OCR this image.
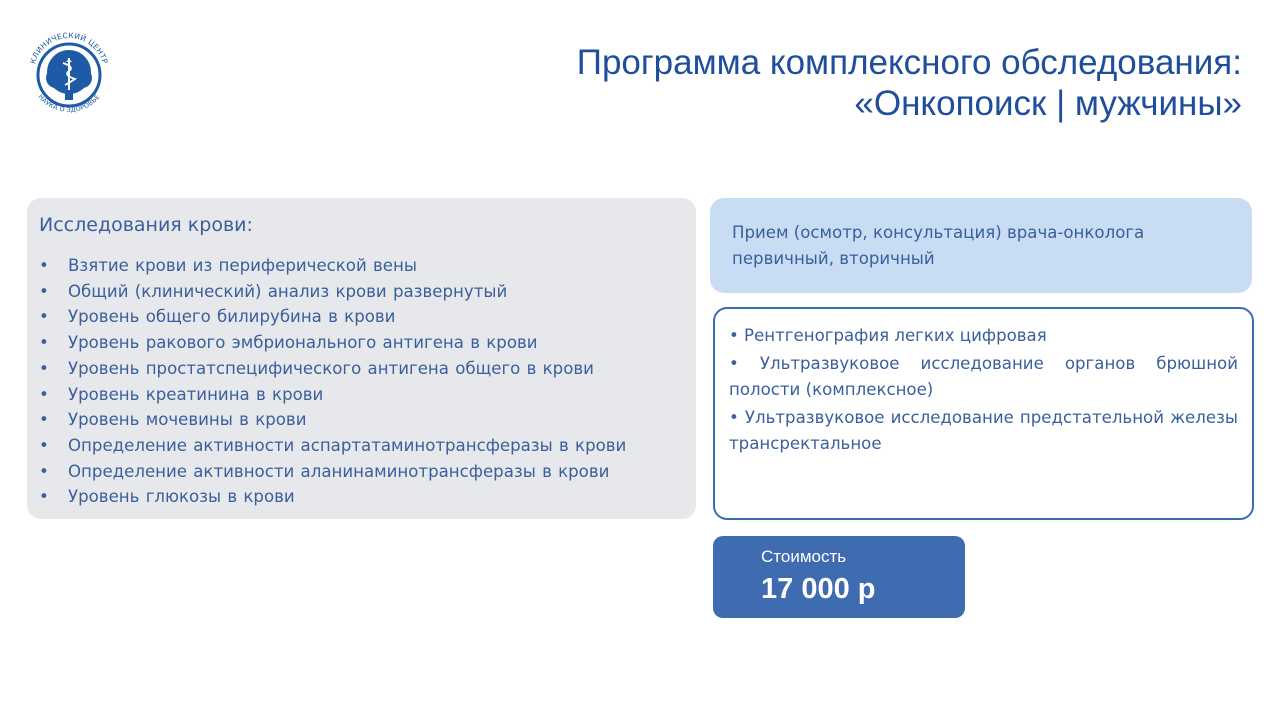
КЛИНИЧЕСКИЙ ЦЕНТР
НАУКА О ЗДОРОВЬЕ
Программа комплексного обследования:
«Онкопоиск | мужчины»
Исследования крови:
• Взятие крови из периферической вены
• Общий (клинический) анализ крови развернутый
• Уровень общего билирубина в крови
• Уровень ракового эмбрионального антигена в крови
• Уровень простатспецифического антигена общего в крови
• Уровень креатинина в крови
• Уровень мочевины в крови
• Определение активности аспартатаминотрансферазы в крови
• Определение активности аланинаминотрансферазы в крови
• Уровень глюкозы в крови
Прием (осмотр, консультация) врача-онколога
первичный, вторичный
• Рентгенография легких цифровая
• Ультразвуковое исследование органов брюшной полости (комплексное)
• Ультразвуковое исследование предстательной железы трансректальное
Стоимость
17 000 р
